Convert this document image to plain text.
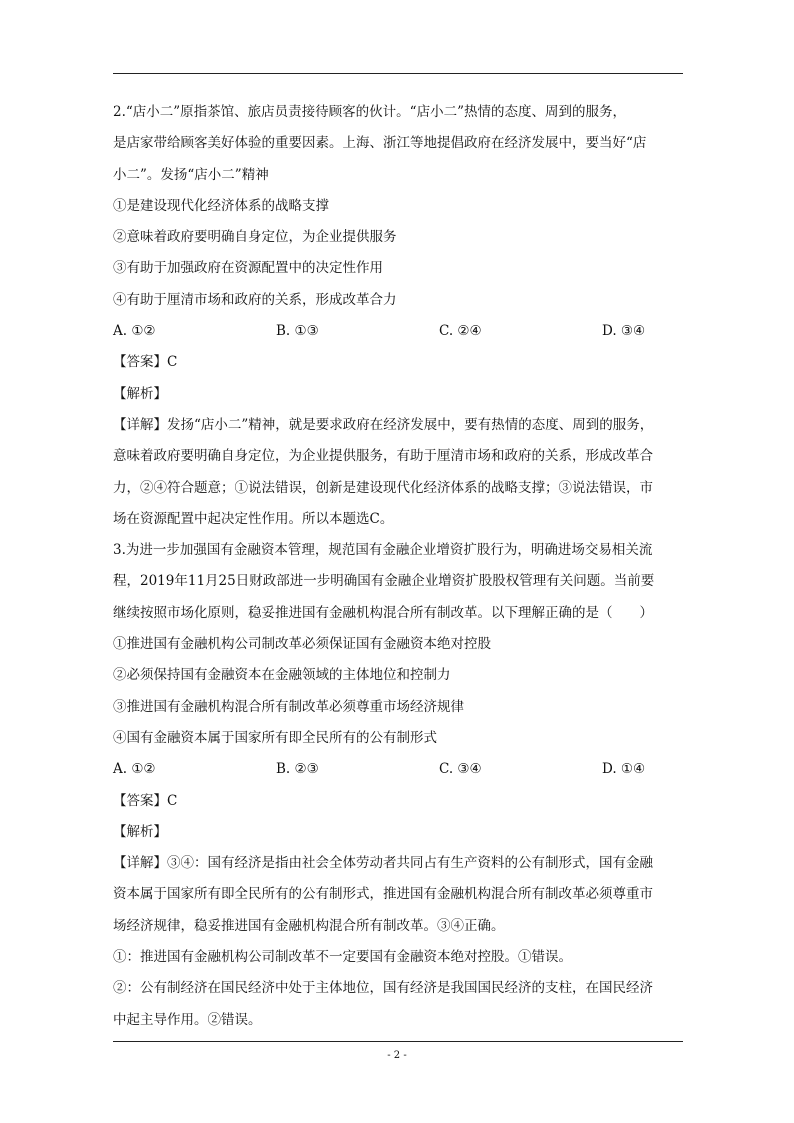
2.“店小二”原指茶馆、旅店员责接待顾客的伙计。“店小二”热情的态度、周到的服务，
是店家带给顾客美好体验的重要因素。上海、浙江等地提倡政府在经济发展中，要当好“店
小二”。发扬“店小二”精神
①是建设现代化经济体系的战略支撑
②意味着政府要明确自身定位，为企业提供服务
③有助于加强政府在资源配置中的决定性作用
④有助于厘清市场和政府的关系，形成改革合力
A. ①②	B. ①③	C. ②④	D. ③④
【答案】C
【解析】
【详解】发扬“店小二”精神，就是要求政府在经济发展中，要有热情的态度、周到的服务，
意味着政府要明确自身定位，为企业提供服务，有助于厘清市场和政府的关系，形成改革合
力，②④符合题意；①说法错误，创新是建设现代化经济体系的战略支撑；③说法错误，市
场在资源配置中起决定性作用。所以本题选C。
3.为进一步加强国有金融资本管理，规范国有金融企业增资扩股行为，明确进场交易相关流
程，2019年11月25日财政部进一步明确国有金融企业增资扩股股权管理有关问题。当前要
继续按照市场化原则，稳妥推进国有金融机构混合所有制改革。以下理解正确的是（　　）
①推进国有金融机构公司制改革必须保证国有金融资本绝对控股
②必须保持国有金融资本在金融领域的主体地位和控制力
③推进国有金融机构混合所有制改革必须尊重市场经济规律
④国有金融资本属于国家所有即全民所有的公有制形式
A. ①②	B. ②③	C. ③④	D. ①④
【答案】C
【解析】
【详解】③④：国有经济是指由社会全体劳动者共同占有生产资料的公有制形式，国有金融
资本属于国家所有即全民所有的公有制形式，推进国有金融机构混合所有制改革必须尊重市
场经济规律，稳妥推进国有金融机构混合所有制改革。③④正确。
①：推进国有金融机构公司制改革不一定要国有金融资本绝对控股。①错误。
②：公有制经济在国民经济中处于主体地位，国有经济是我国国民经济的支柱，在国民经济
中起主导作用。②错误。
- 2 -
